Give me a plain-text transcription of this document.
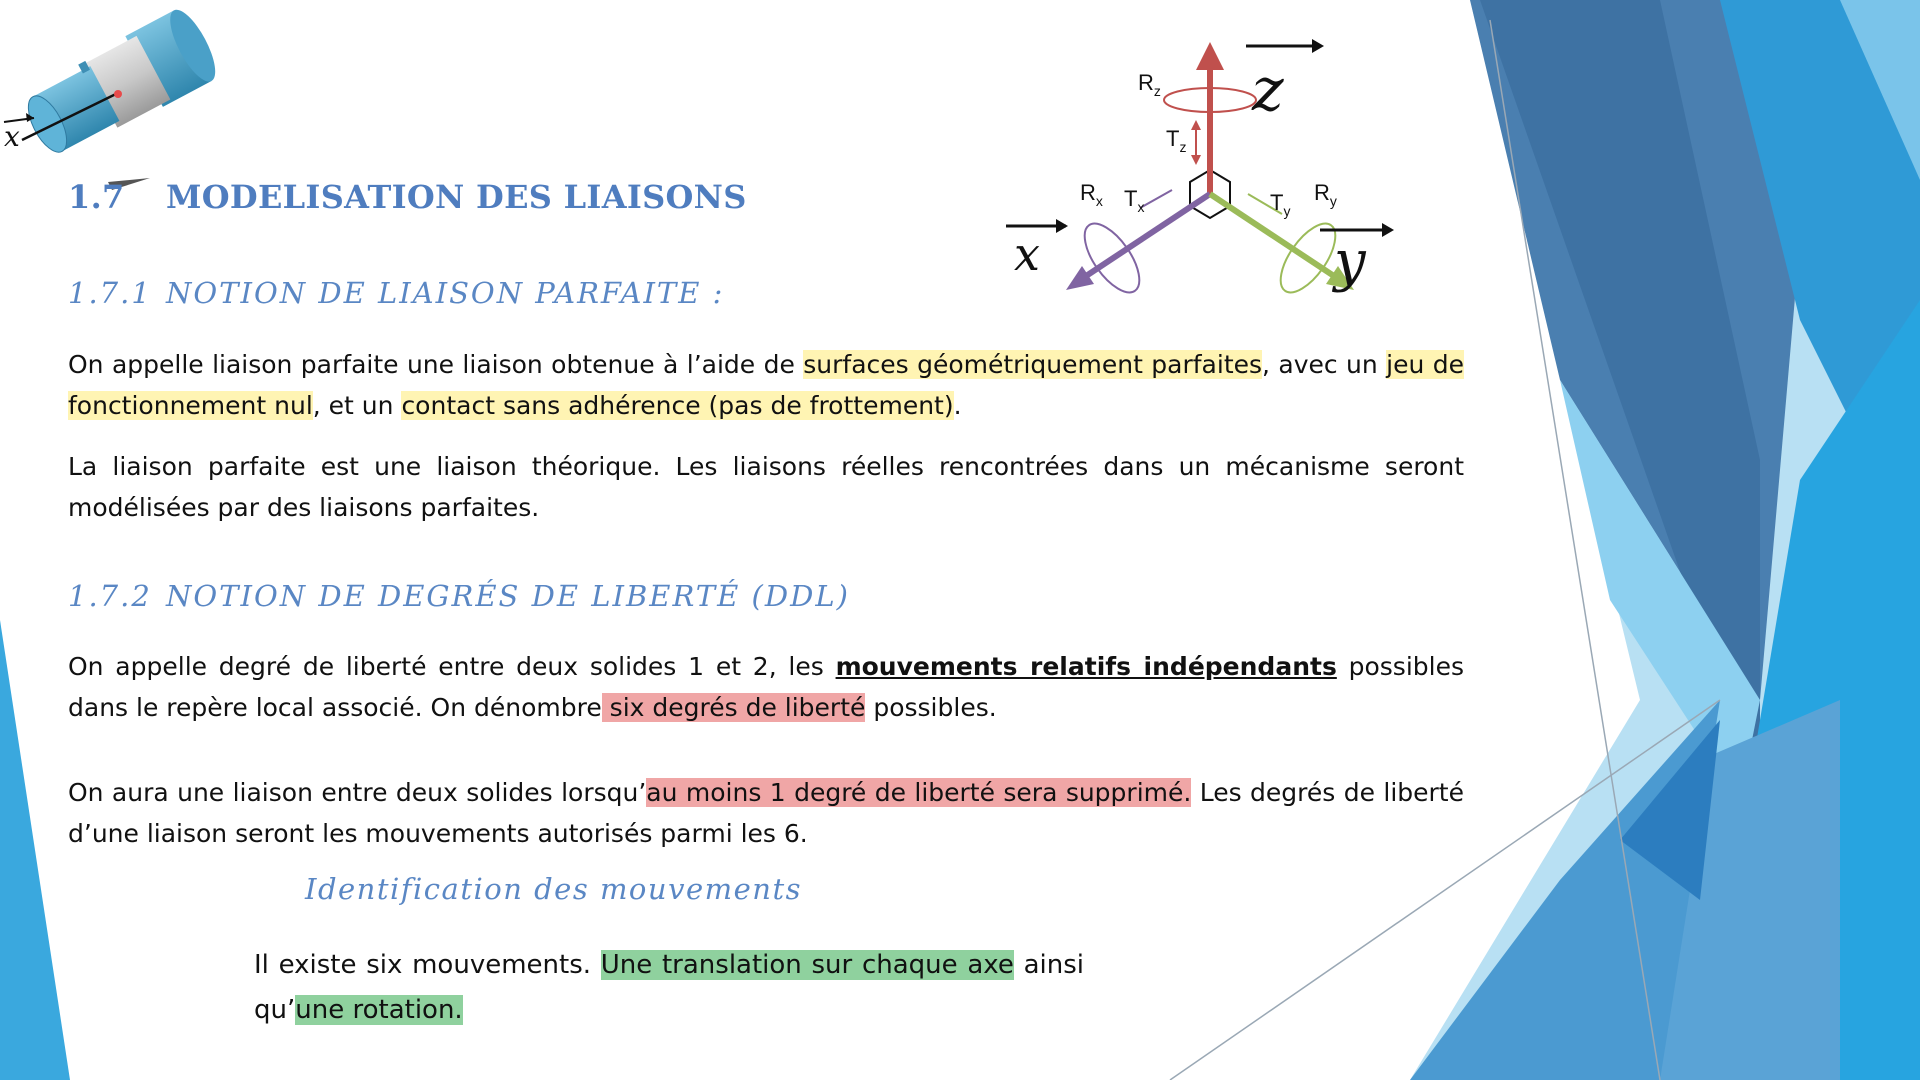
x
1.7 MODELISATION DES LIAISONS
$R_z$
$T_z$
$R_x$ $T_x$	$T_y$
$R_y$
x	y
z
1.7.1 NOTION DE LIAISON PARFAITE :
On appelle liaison parfaite une liaison obtenue à l’aide de surfaces géométriquement parfaites, avec un jeu de fonctionnement nul, et un contact sans adhérence (pas de frottement).
La liaison parfaite est une liaison théorique. Les liaisons réelles rencontrées dans un mécanisme seront modélisées par des liaisons parfaites.
1.7.2 NOTION DE DEGRÉS DE LIBERTÉ (DDL)
On appelle degré de liberté entre deux solides 1 et 2, les mouvements relatifs indépendants possibles dans le repère local associé. On dénombre six degrés de liberté possibles.
On aura une liaison entre deux solides lorsqu’au moins 1 degré de liberté sera supprimé. Les degrés de liberté d’une liaison seront les mouvements autorisés parmi les 6.
Identification des mouvements
Il existe six mouvements. Une translation sur chaque axe ainsi qu’une rotation.
